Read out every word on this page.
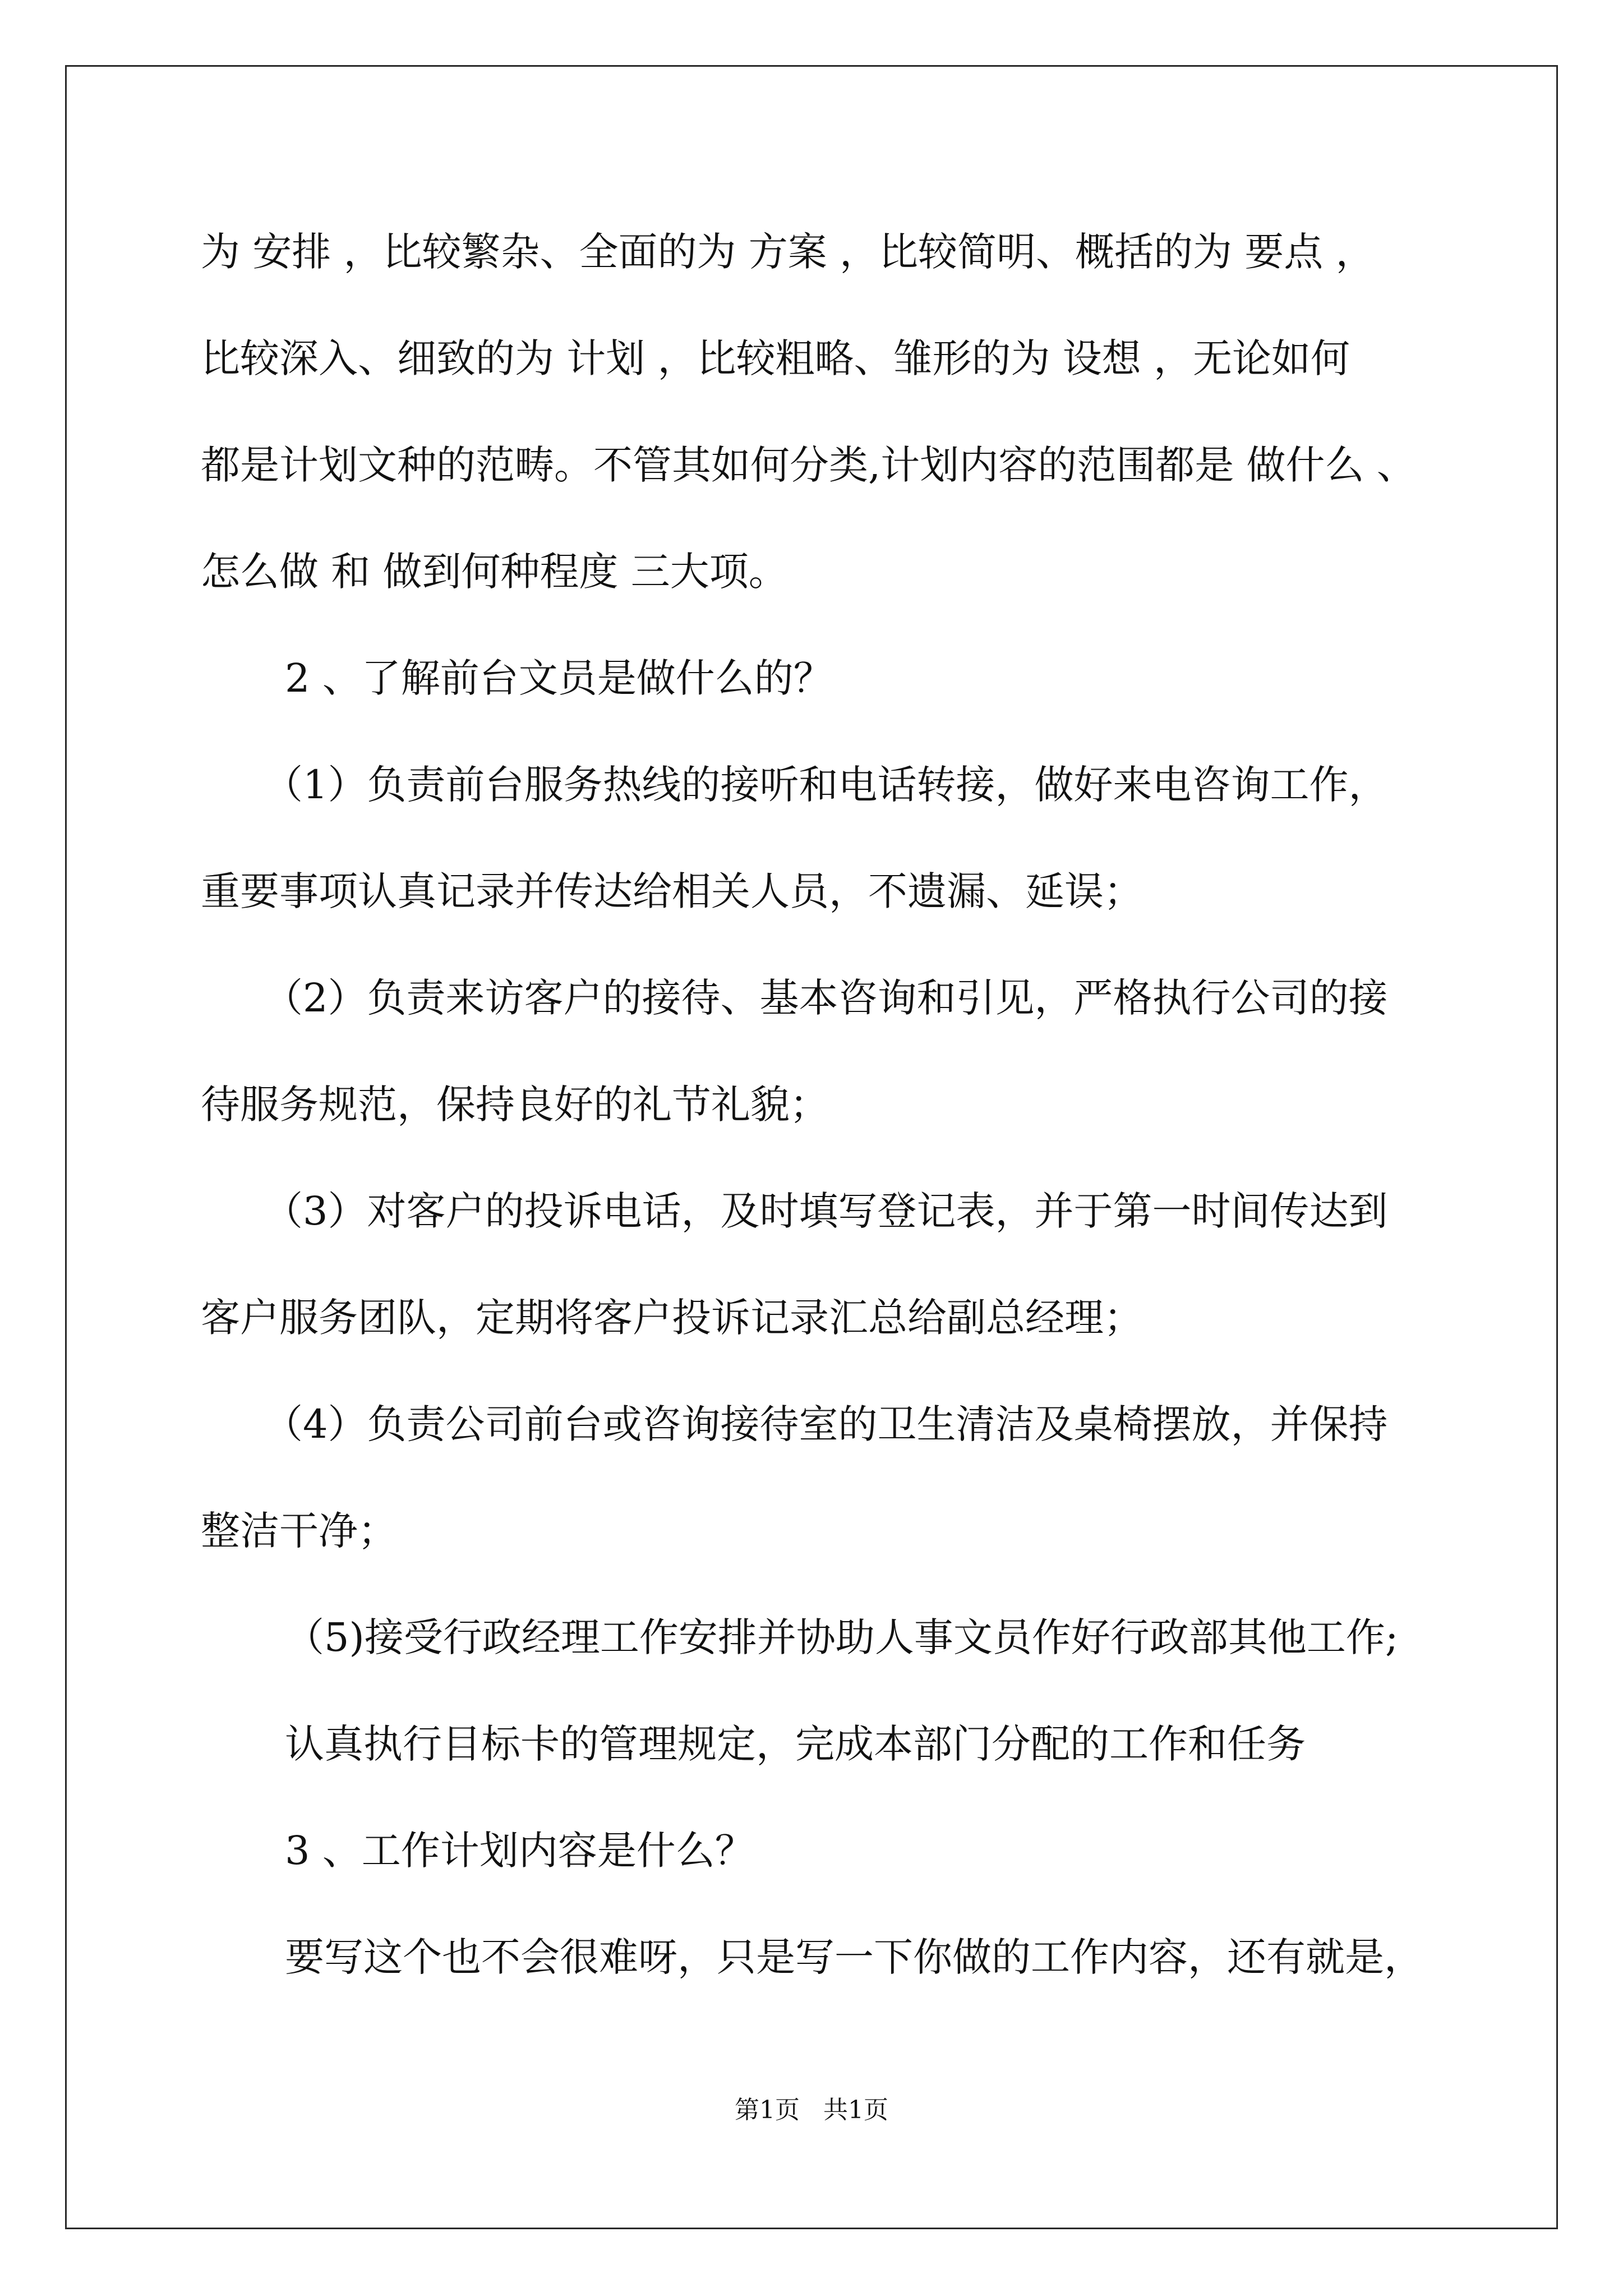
为 安排 ，比较繁杂、全面的为 方案 ，比较简明、概括的为 要点 ，
比较深入、细致的为 计划 ，比较粗略、雏形的为 设想 ，无论如何
都是计划文种的范畴。不管其如何分类,计划内容的范围都是 做什么 、
怎么做 和 做到何种程度 三大项。
2 、了解前台文员是做什么的？
（1）负责前台服务热线的接听和电话转接，做好来电咨询工作，
重要事项认真记录并传达给相关人员，不遗漏、延误；
（2）负责来访客户的接待、基本咨询和引见，严格执行公司的接
待服务规范，保持良好的礼节礼貌；
（3）对客户的投诉电话，及时填写登记表，并于第一时间传达到
客户服务团队，定期将客户投诉记录汇总给副总经理；
（4）负责公司前台或咨询接待室的卫生清洁及桌椅摆放，并保持
整洁干净；
（5)接受行政经理工作安排并协助人事文员作好行政部其他工作;
认真执行目标卡的管理规定，完成本部门分配的工作和任务
3 、工作计划内容是什么？
要写这个也不会很难呀，只是写一下你做的工作内容，还有就是，
第1页   共1页
